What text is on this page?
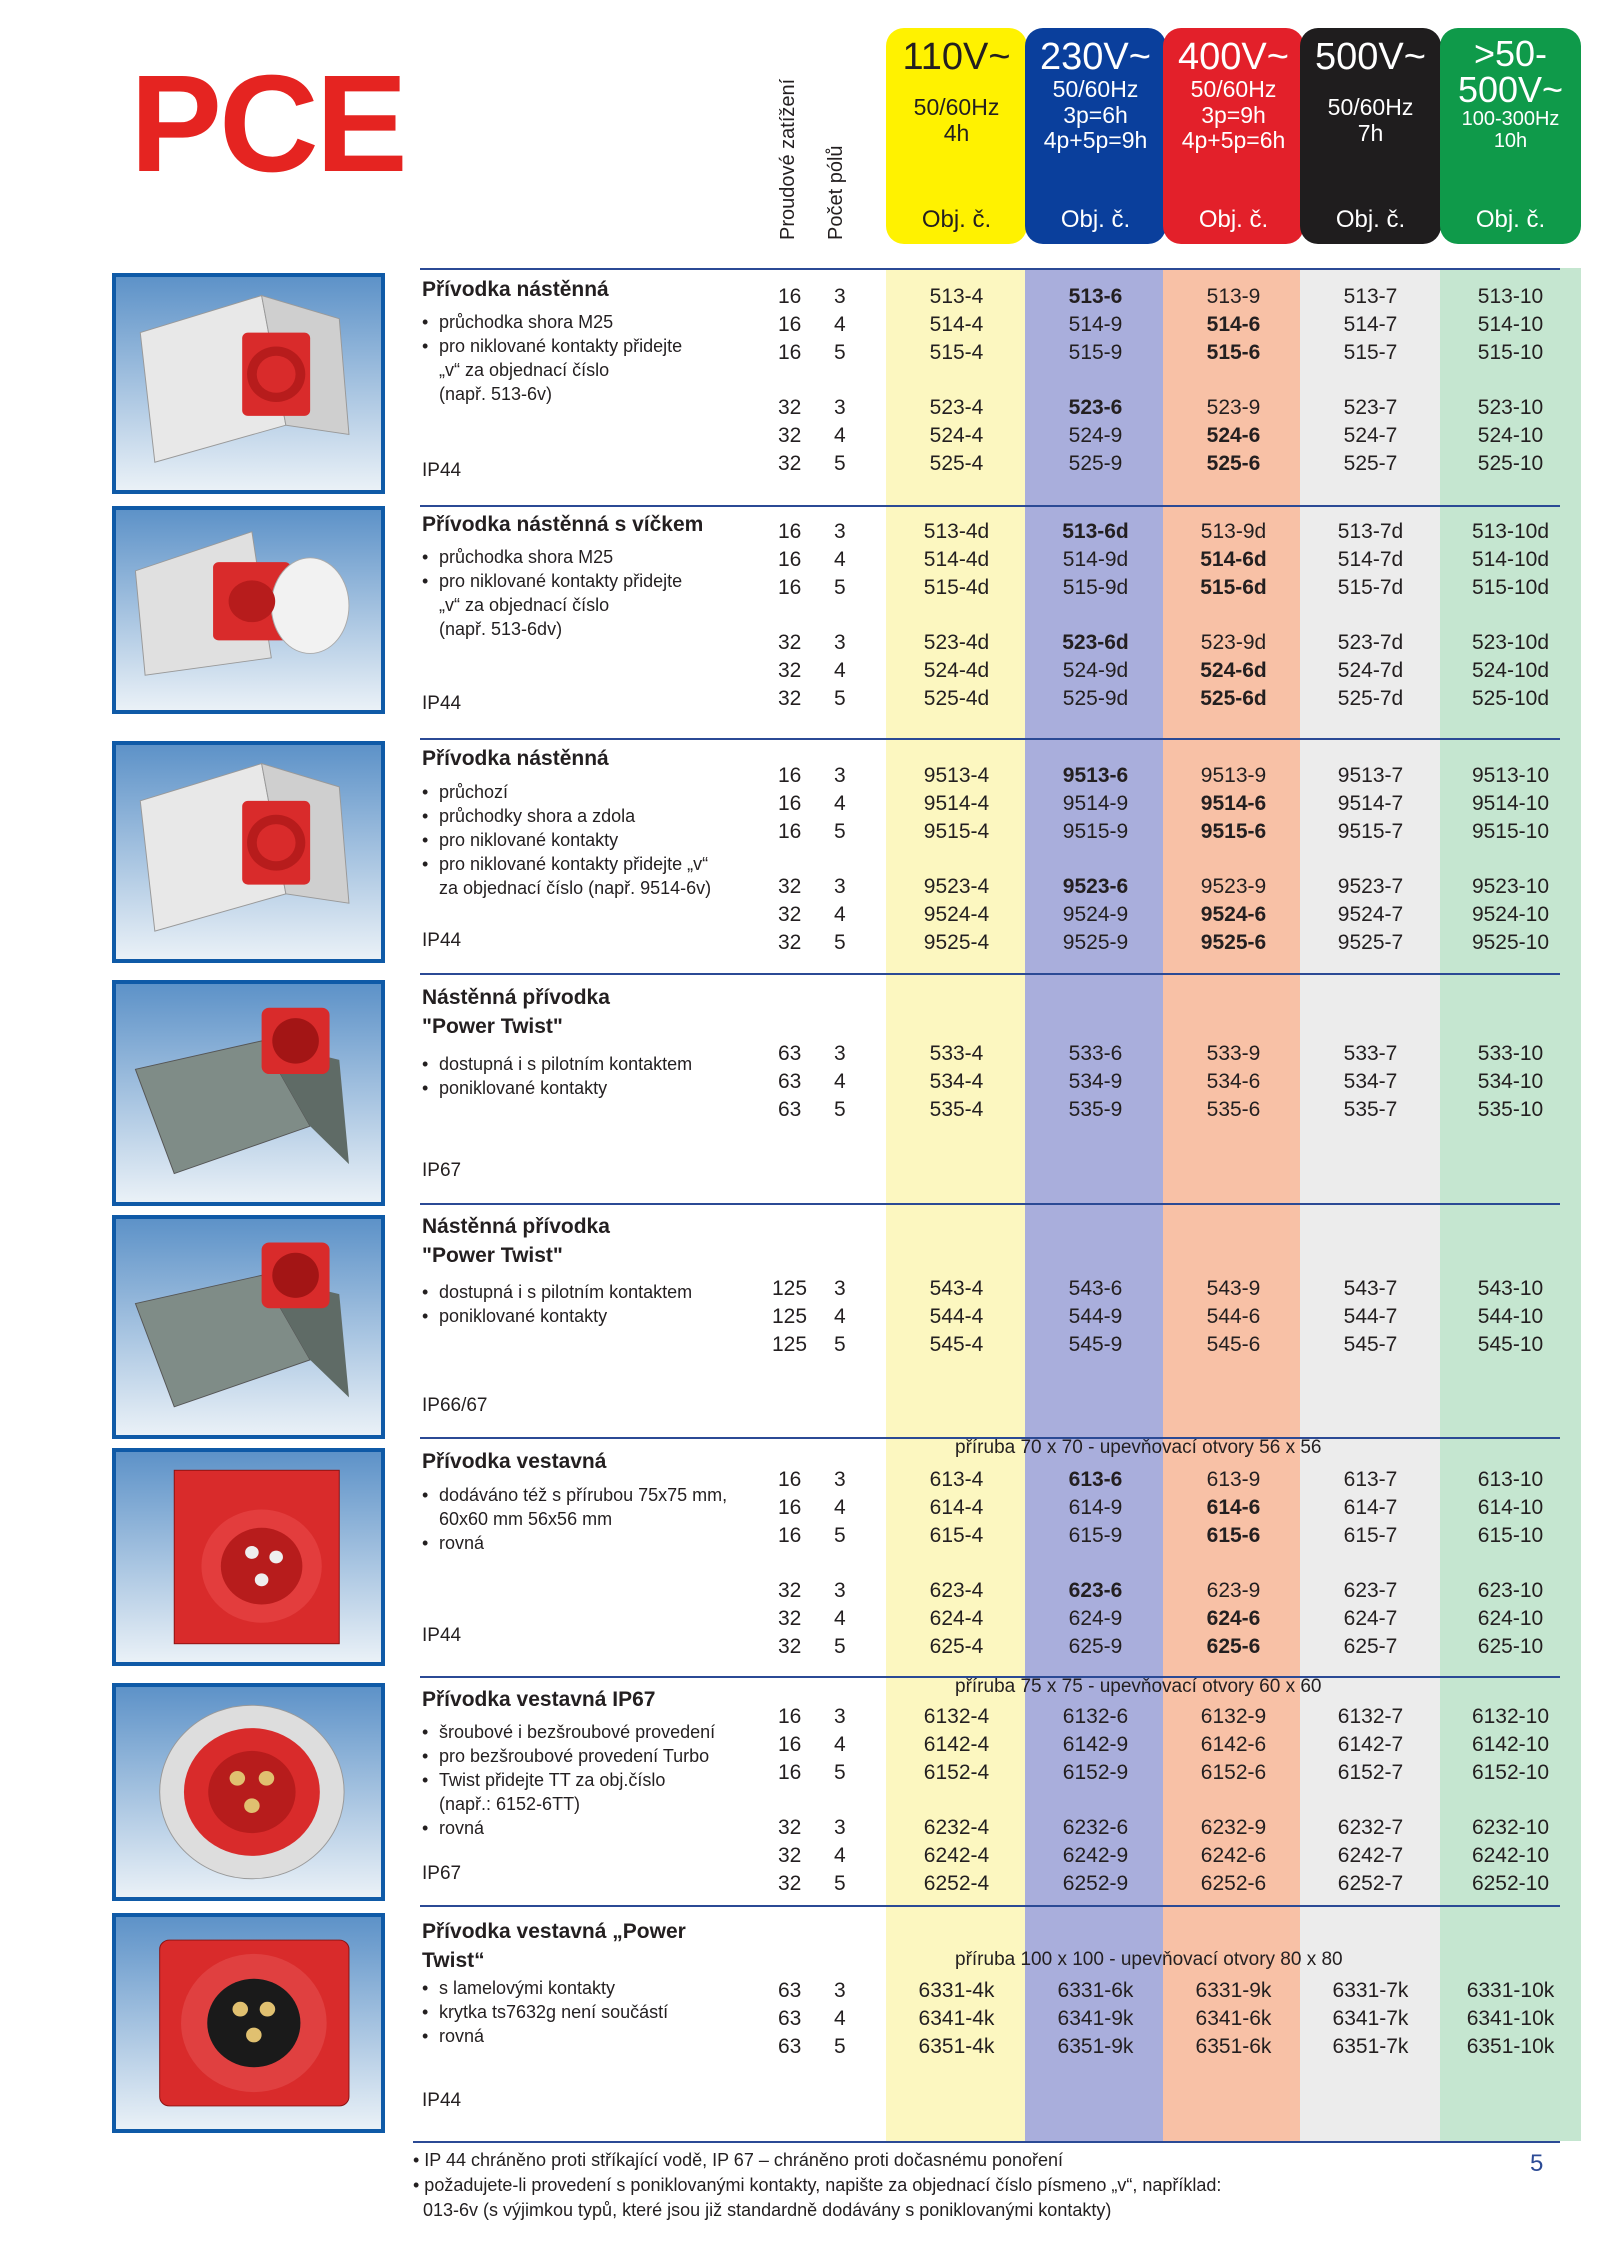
PCE	Proudové zatížení Počet pólů
110V~
50/60Hz
4h
Obj. č.
230V~
50/60Hz
3p=6h
4p+5p=9h
Obj. č.
400V~
50/60Hz
3p=9h
4p+5p=6h
Obj. č.
500V~
50/60Hz
7h
Obj. č.
>50-
500V~
100-300Hz
10h
Obj. č.
Přívodka nástěnná
• průchodka shora M25
• pro niklované kontakty přidejte
„v“ za objednací číslo
(např. 513-6v)
IP44
16 3	513-4	513-6	513-9	513-7	513-10
16 4	514-4	514-9	514-6	514-7	514-10
16 5	515-4	515-9	515-6	515-7	515-10
32 3	523-4	523-6	523-9	523-7	523-10
32 4	524-4	524-9	524-6	524-7	524-10
32 5	525-4	525-9	525-6	525-7	525-10
Přívodka nástěnná s víčkem
• průchodka shora M25
• pro niklované kontakty přidejte
„v“ za objednací číslo
(např. 513-6dv)
IP44
16 3	513-4d	513-6d	513-9d	513-7d	513-10d
16 4	514-4d	514-9d	514-6d	514-7d	514-10d
16 5	515-4d	515-9d	515-6d	515-7d	515-10d
32 3	523-4d	523-6d	523-9d	523-7d	523-10d
32 4	524-4d	524-9d	524-6d	524-7d	524-10d
32 5	525-4d	525-9d	525-6d	525-7d	525-10d
Přívodka nástěnná
• průchozí
• průchodky shora a zdola
• pro niklované kontakty
• pro niklované kontakty přidejte „v“
za objednací číslo (např. 9514-6v)
IP44
16 3	9513-4	9513-6	9513-9	9513-7	9513-10
16 4	9514-4	9514-9	9514-6	9514-7	9514-10
16 5	9515-4	9515-9	9515-6	9515-7	9515-10
32 3	9523-4	9523-6	9523-9	9523-7	9523-10
32 4	9524-4	9524-9	9524-6	9524-7	9524-10
32 5	9525-4	9525-9	9525-6	9525-7	9525-10
Nástěnná přívodka
"Power Twist"
• dostupná i s pilotním kontaktem
• poniklované kontakty
IP67
63 3	533-4	533-6	533-9	533-7	533-10
63 4	534-4	534-9	534-6	534-7	534-10
63 5	535-4	535-9	535-6	535-7	535-10
Nástěnná přívodka
"Power Twist"
• dostupná i s pilotním kontaktem
• poniklované kontakty
IP66/67
125 3	543-4	543-6	543-9	543-7	543-10
125 4	544-4	544-9	544-6	544-7	544-10
125 5	545-4	545-9	545-6	545-7	545-10
Přívodka vestavná
• dodáváno též s přírubou 75x75 mm,
60x60 mm 56x56 mm
• rovná
IP44
příruba 70 x 70 - upevňovací otvory 56 x 56
16 3	613-4	613-6	613-9	613-7	613-10
16 4	614-4	614-9	614-6	614-7	614-10
16 5	615-4	615-9	615-6	615-7	615-10
32 3	623-4	623-6	623-9	623-7	623-10
32 4	624-4	624-9	624-6	624-7	624-10
32 5	625-4	625-9	625-6	625-7	625-10
Přívodka vestavná IP67
• šroubové i bezšroubové provedení
• pro bezšroubové provedení Turbo
• Twist přidejte TT za obj.číslo
(např.: 6152-6TT)
• rovná
IP67
příruba 75 x 75 - upevňovací otvory 60 x 60
16 3	6132-4	6132-6	6132-9	6132-7	6132-10
16 4	6142-4	6142-9	6142-6	6142-7	6142-10
16 5	6152-4	6152-9	6152-6	6152-7	6152-10
32 3	6232-4	6232-6	6232-9	6232-7	6232-10
32 4	6242-4	6242-9	6242-6	6242-7	6242-10
32 5	6252-4	6252-9	6252-6	6252-7	6252-10
Přívodka vestavná „Power
Twist“
• s lamelovými kontakty
• krytka ts7632g není součástí
• rovná
IP44
příruba 100 x 100 - upevňovací otvory 80 x 80
63 3	6331-4k	6331-6k	6331-9k	6331-7k	6331-10k
63 4	6341-4k	6341-9k	6341-6k	6341-7k	6341-10k
63 5	6351-4k	6351-9k	6351-6k	6351-7k	6351-10k
• IP 44 chráněno proti stříkající vodě, IP 67 – chráněno proti dočasnému ponoření
• požadujete-li provedení s poniklovanými kontakty, napište za objednací číslo písmeno „v“, například:
013-6v (s výjimkou typů, které jsou již standardně dodávány s poniklovanými kontakty)
5
